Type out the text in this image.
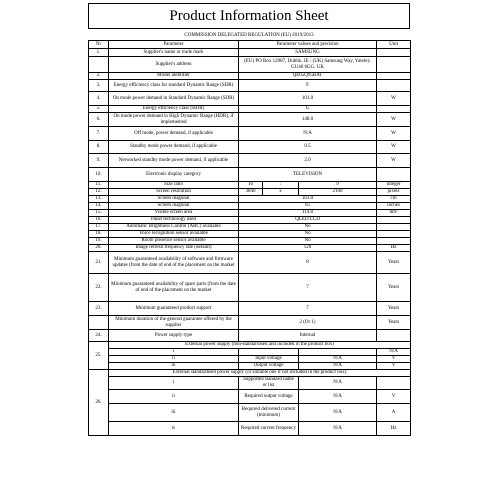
Product Information Sheet
COMMISSION DELEGATED REGULATION (EU) 2019/2013
Nr	Parameter	Parameter values and precision			Unit	
1.	Supplier's name or trade mark	SAMSUNG				
	Supplier's address	(EU) PO Box 12987, Dublin. IE / (UK) Samsung Way, Yateley. GU46 6GG. UK				
2.	Model identifier	QE65Q95BAT				
3.	Energy efficiency class for standard Dynamic Range (SDR)	F				
4.	On mode power demand in Standard Dynamic Range (SDR)	101.0			W	
5.	Energy efficiency class (HDR)	G				
6.	On mode power demand in High Dynamic Range (HDR), if implemented	148.0			W	
7.	Off mode, power demand, if applicable	N/A			W	
8.	Standby mode power demand, if applicable	0.5			W	
9.	Networked standby mode power demand, if applicable	2.0			W	
10.	Electronic display category	TELEVISION				
11.	Size ratio	16	:	9	integer	
12.	Screen resolution	3840	x	2160	pixels	
13.	Screen diagonal	163.0			cm	
14.	Screen diagonal	65			inches	
15.	Visible screen area	114.8			dm²	
16.	Panel technology used	QLED LCD				
17.	Automatic Brightness Control (ABC) available	No				
18.	Voice recognition sensor available	No				
19.	Room presence sensor available	No				
20.	Image refresh frequency rate (default)	120			Hz	
21.	Minimum guaranteed availability of software and firmware updates (from the date of end of the placement on the market	8			Years	
22.	Minimum guaranteed availability of spare parts (from the date of end of the placement on the market	7			Years	
23.	Minimum guaranteed product support	7			Years	
	Minimum duration of the general guarantee offered by the supplier	2 (Or 1)			Years	
24.	Power supply type	Internal				
25.	External power supply (non-standardised and included in the product box)					
	i				N/A	
	ii	Input voltage		N/A	V	
	iii	Output voltage		N/A	V	
26.	External standardised power supply (or suitable one if not included in the product box)					
	i	Supported standard name or list		N/A		
	ii	Required output voltage		N/A	V	
	iii	Required delivered current (minimum)		N/A	A	
	iv	Required current frequency		N/A	Hz	
